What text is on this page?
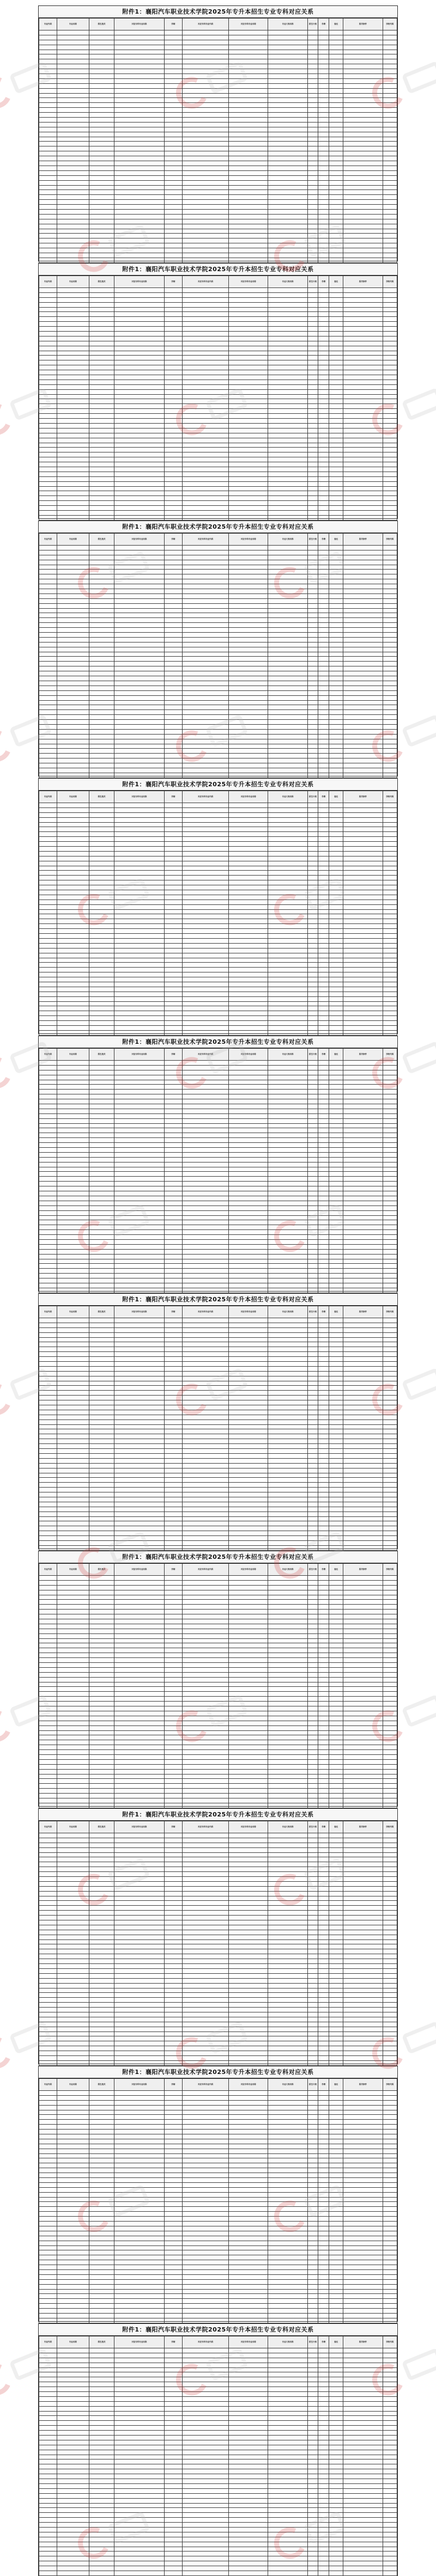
附件1：襄阳汽车职业技术学院2025年专升本招生专业专科对应关系
专业代码	专业名称	招生批次	对应专科专业名称	学制	对应专科专业代码	对应专科专业名称	专业大类名称	招生计划	学费	备注	报考条件	学校代码

附件1：襄阳汽车职业技术学院2025年专升本招生专业专科对应关系
专业代码	专业名称	招生批次	对应专科专业名称	学制	对应专科专业代码	对应专科专业名称	专业大类名称	招生计划	学费	备注	报考条件	学校代码

附件1：襄阳汽车职业技术学院2025年专升本招生专业专科对应关系
专业代码	专业名称	招生批次	对应专科专业名称	学制	对应专科专业代码	对应专科专业名称	专业大类名称	招生计划	学费	备注	报考条件	学校代码

附件1：襄阳汽车职业技术学院2025年专升本招生专业专科对应关系
专业代码	专业名称	招生批次	对应专科专业名称	学制	对应专科专业代码	对应专科专业名称	专业大类名称	招生计划	学费	备注	报考条件	学校代码

附件1：襄阳汽车职业技术学院2025年专升本招生专业专科对应关系
专业代码	专业名称	招生批次	对应专科专业名称	学制	对应专科专业代码	对应专科专业名称	专业大类名称	招生计划	学费	备注	报考条件	学校代码

附件1：襄阳汽车职业技术学院2025年专升本招生专业专科对应关系
专业代码	专业名称	招生批次	对应专科专业名称	学制	对应专科专业代码	对应专科专业名称	专业大类名称	招生计划	学费	备注	报考条件	学校代码

附件1：襄阳汽车职业技术学院2025年专升本招生专业专科对应关系
专业代码	专业名称	招生批次	对应专科专业名称	学制	对应专科专业代码	对应专科专业名称	专业大类名称	招生计划	学费	备注	报考条件	学校代码

附件1：襄阳汽车职业技术学院2025年专升本招生专业专科对应关系
专业代码	专业名称	招生批次	对应专科专业名称	学制	对应专科专业代码	对应专科专业名称	专业大类名称	招生计划	学费	备注	报考条件	学校代码

附件1：襄阳汽车职业技术学院2025年专升本招生专业专科对应关系
专业代码	专业名称	招生批次	对应专科专业名称	学制	对应专科专业代码	对应专科专业名称	专业大类名称	招生计划	学费	备注	报考条件	学校代码

附件1：襄阳汽车职业技术学院2025年专升本招生专业专科对应关系
专业代码	专业名称	招生批次	对应专科专业名称	学制	对应专科专业代码	对应专科专业名称	专业大类名称	招生计划	学费	备注	报考条件	学校代码
